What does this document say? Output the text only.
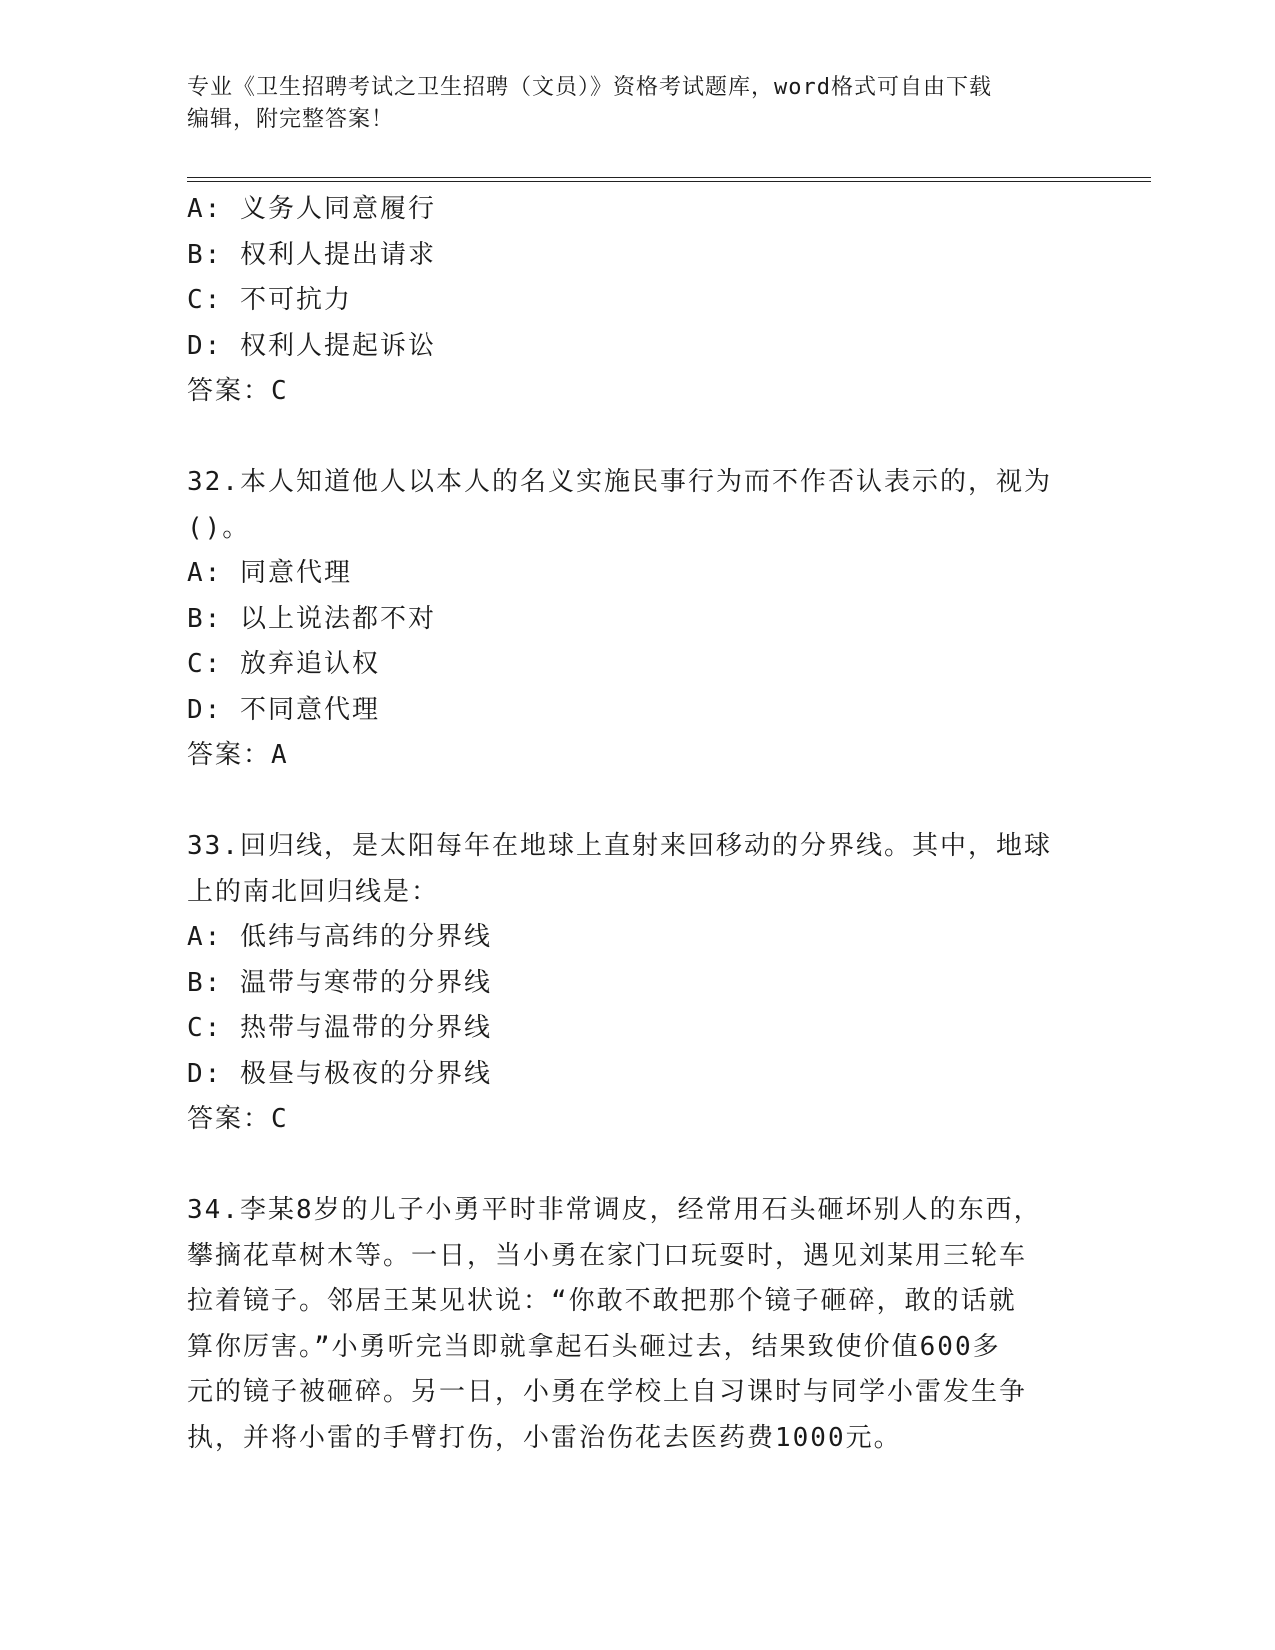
专业《卫生招聘考试之卫生招聘（文员）》资格考试题库，word格式可自由下载
编辑，附完整答案！
A: 义务人同意履行
B: 权利人提出请求
C: 不可抗力
D: 权利人提起诉讼
答案：C
32.本人知道他人以本人的名义实施民事行为而不作否认表示的，视为
()。
A: 同意代理
B: 以上说法都不对
C: 放弃追认权
D: 不同意代理
答案：A
33.回归线，是太阳每年在地球上直射来回移动的分界线。其中，地球
上的南北回归线是：
A: 低纬与高纬的分界线
B: 温带与寒带的分界线
C: 热带与温带的分界线
D: 极昼与极夜的分界线
答案：C
34.李某8岁的儿子小勇平时非常调皮，经常用石头砸坏别人的东西，
攀摘花草树木等。一日，当小勇在家门口玩耍时，遇见刘某用三轮车
拉着镜子。邻居王某见状说：“你敢不敢把那个镜子砸碎，敢的话就
算你厉害。”小勇听完当即就拿起石头砸过去，结果致使价值600多
元的镜子被砸碎。另一日，小勇在学校上自习课时与同学小雷发生争
执，并将小雷的手臂打伤，小雷治伤花去医药费1000元。
